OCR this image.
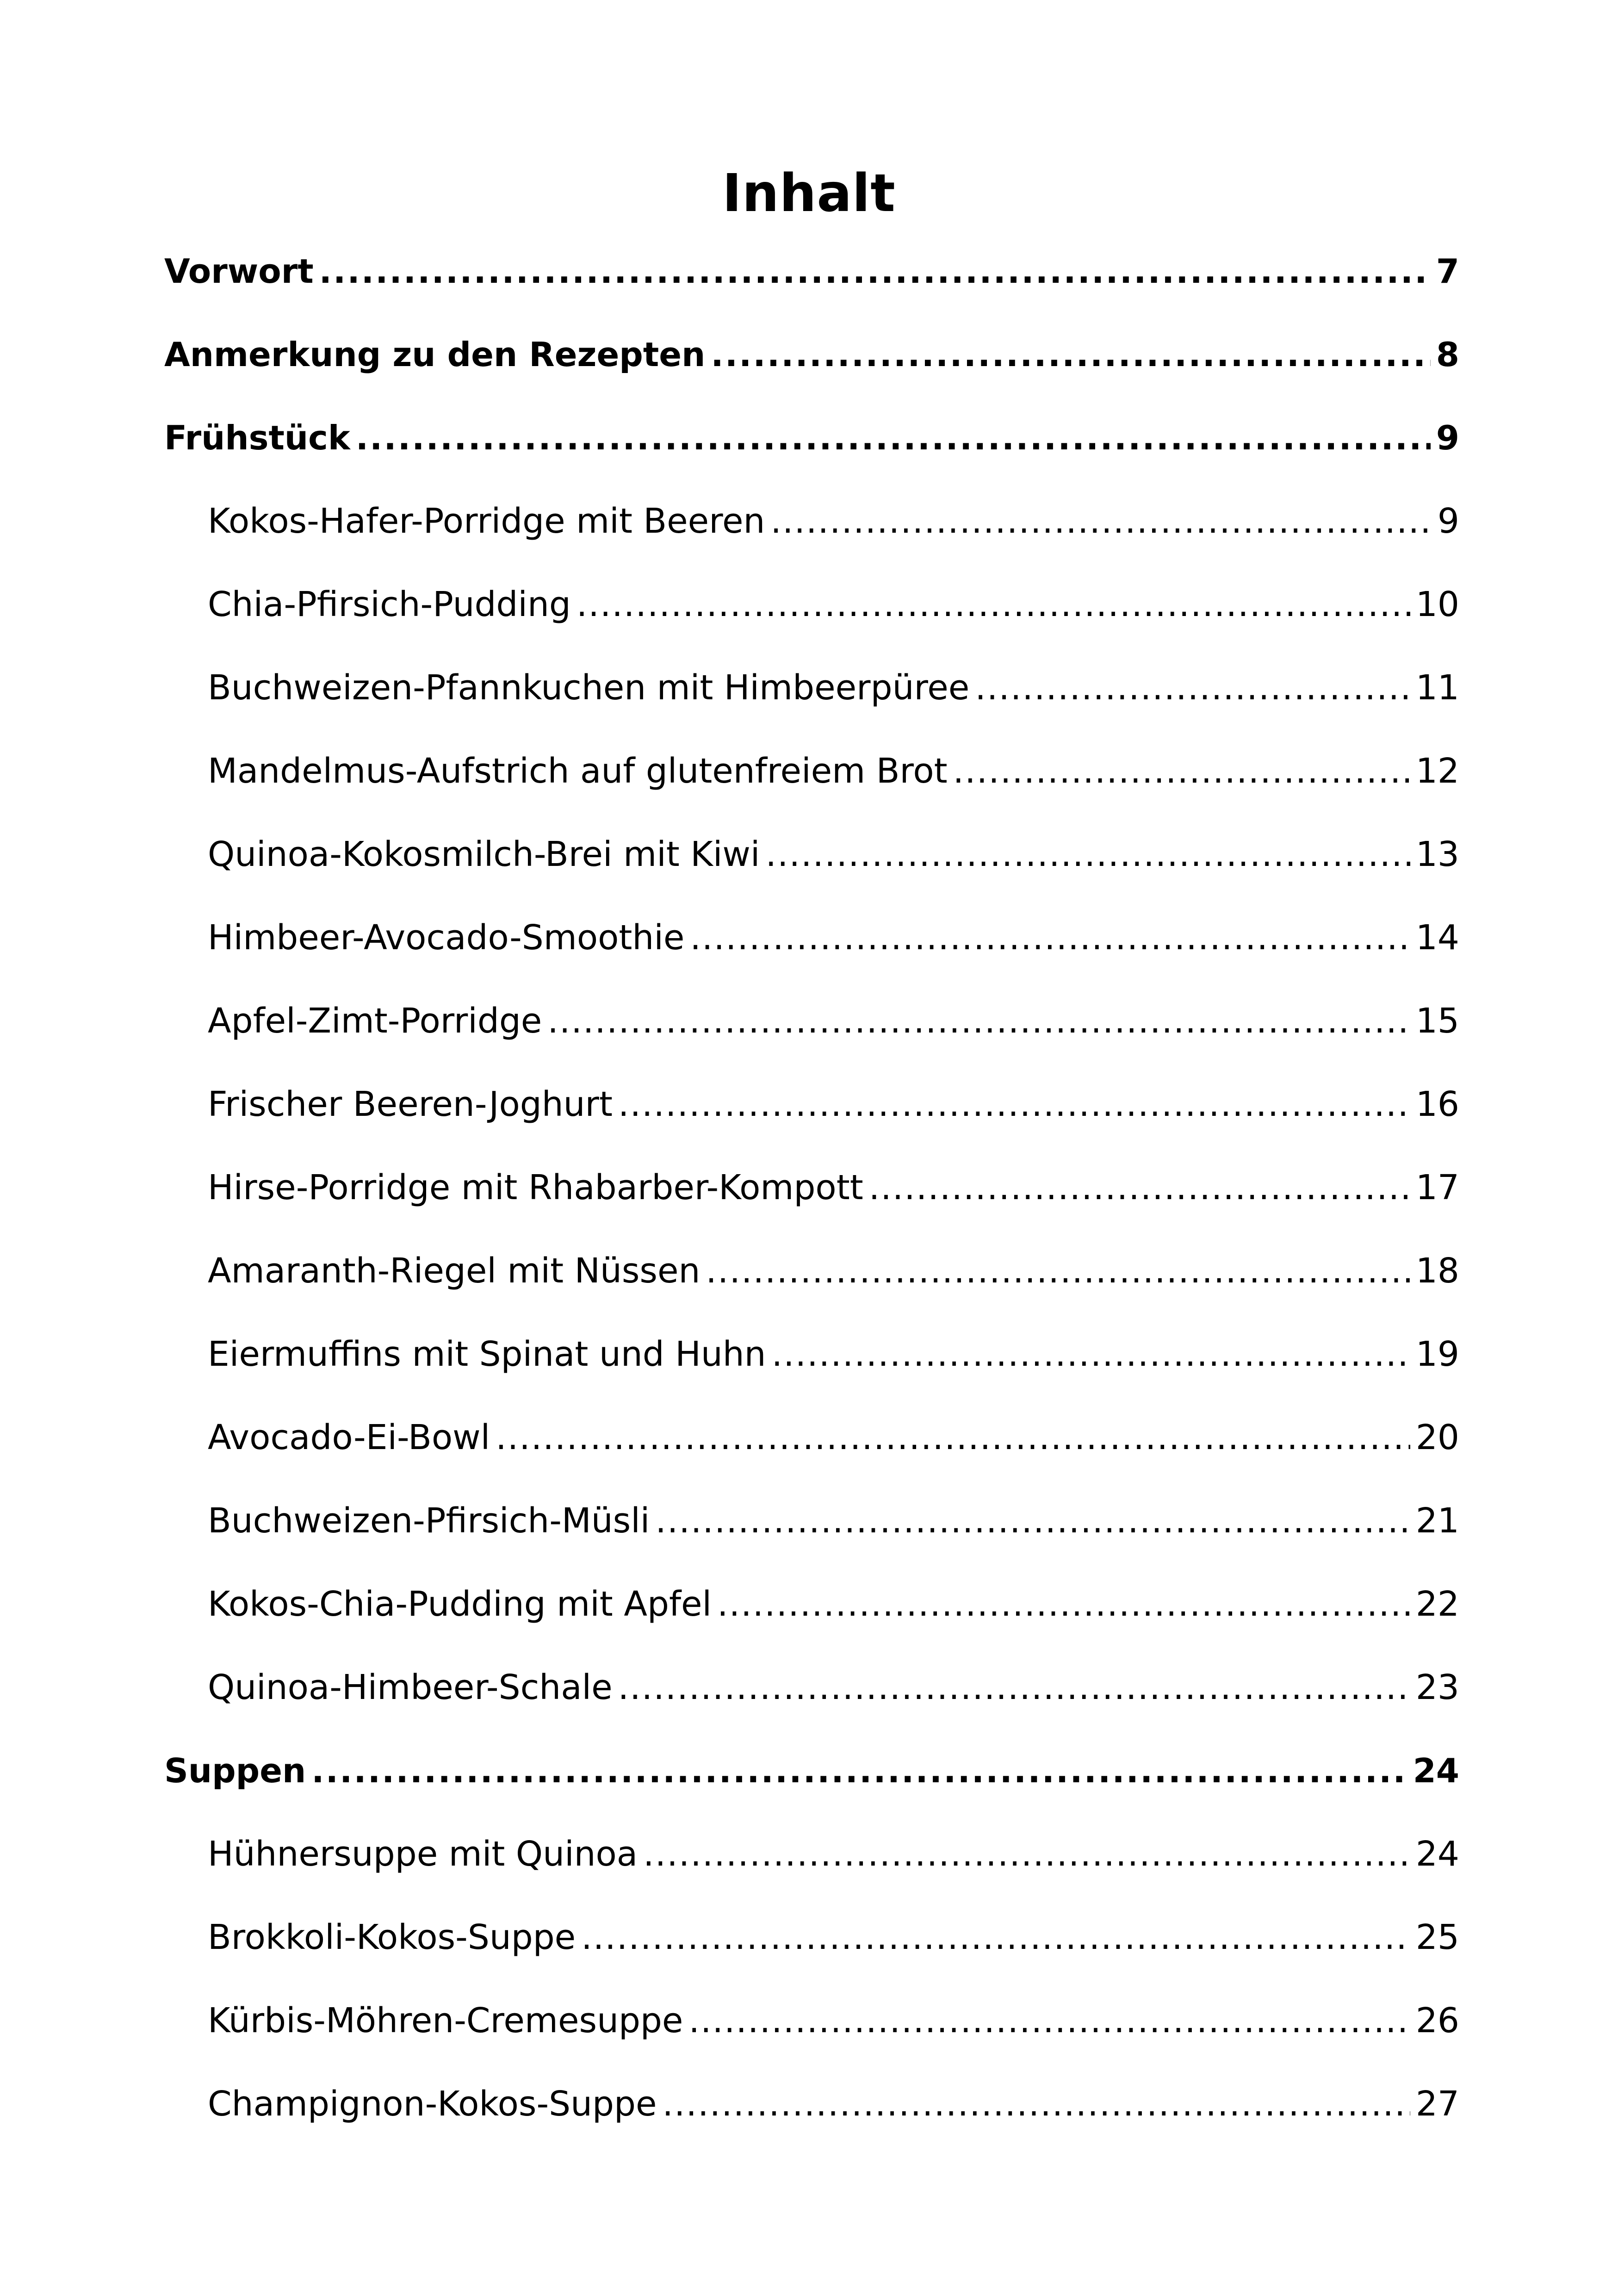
Inhalt
Vorwort .....	7
Anmerkung zu den Rezepten .....	8
Frühstück .....	9
Kokos-Hafer-Porridge mit Beeren .....	9
Chia-Pfirsich-Pudding .....	10
Buchweizen-Pfannkuchen mit Himbeerpüree .....	11
Mandelmus-Aufstrich auf glutenfreiem Brot .....	12
Quinoa-Kokosmilch-Brei mit Kiwi .....	13
Himbeer-Avocado-Smoothie .....	14
Apfel-Zimt-Porridge .....	15
Frischer Beeren-Joghurt .....	16
Hirse-Porridge mit Rhabarber-Kompott .....	17
Amaranth-Riegel mit Nüssen .....	18
Eiermuffins mit Spinat und Huhn .....	19
Avocado-Ei-Bowl .....	20
Buchweizen-Pfirsich-Müsli .....	21
Kokos-Chia-Pudding mit Apfel .....	22
Quinoa-Himbeer-Schale .....	23
Suppen .....	24
Hühnersuppe mit Quinoa .....	24
Brokkoli-Kokos-Suppe .....	25
Kürbis-Möhren-Cremesuppe .....	26
Champignon-Kokos-Suppe .....	27
